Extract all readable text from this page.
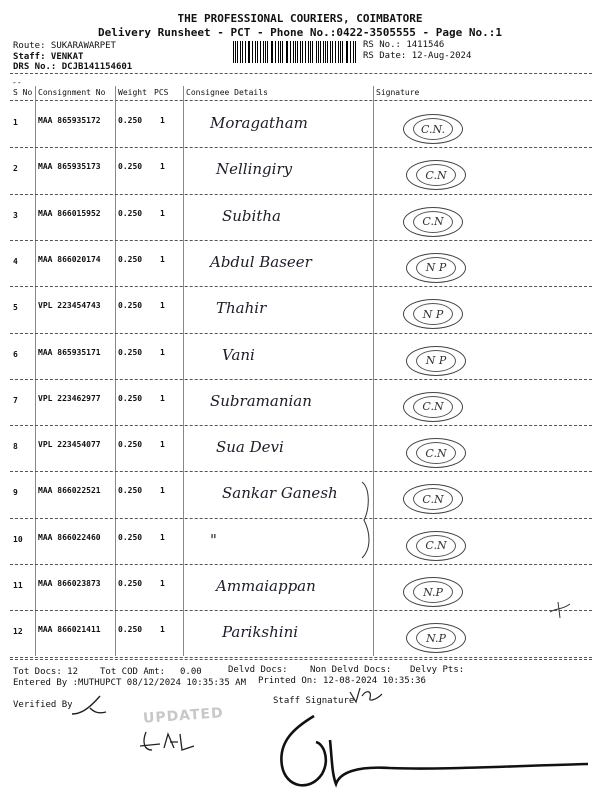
THE PROFESSIONAL COURIERS, COIMBATORE
Delivery Runsheet - PCT - Phone No.:0422-3505555 - Page No.:1
Route: SUKARAWARPET
Staff: VENKAT
DRS No.: DCJB141154601
RS No.: 1411546
RS Date: 12-Aug-2024
--
S No Consignment No Weight PCS Consignee Details	Signature
1	MAA 865935172 0.250 1	Moragatham	C.N.
2	MAA 865935173 0.250 1	Nellingiry	C.N
3	MAA 866015952 0.250 1	Subitha	C.N
4	MAA 866020174 0.250 1	Abdul Baseer	N P
5	VPL 223454743 0.250 1	Thahir	N P
6	MAA 865935171 0.250 1	Vani	N P
7	VPL 223462977 0.250 1	Subramanian	C.N
8	VPL 223454077 0.250 1	Sua Devi	C.N
9	MAA 866022521 0.250 1	Sankar Ganesh	C.N
10 MAA 866022460 0.250 1	"	C.N
11 MAA 866023873 0.250 1	Ammaiappan	N.P
12 MAA 866021411 0.250 1	Parikshini	N.P
Tot Docs: 12 Tot COD Amt: 0.00	Delvd Docs: Non Delvd Docs: Delvy Pts:
Entered By :MUTHUPCT 08/12/2024 10:35:35 AM Printed On: 12-08-2024 10:35:36
Verified By	Staff Signature
UPDATED
